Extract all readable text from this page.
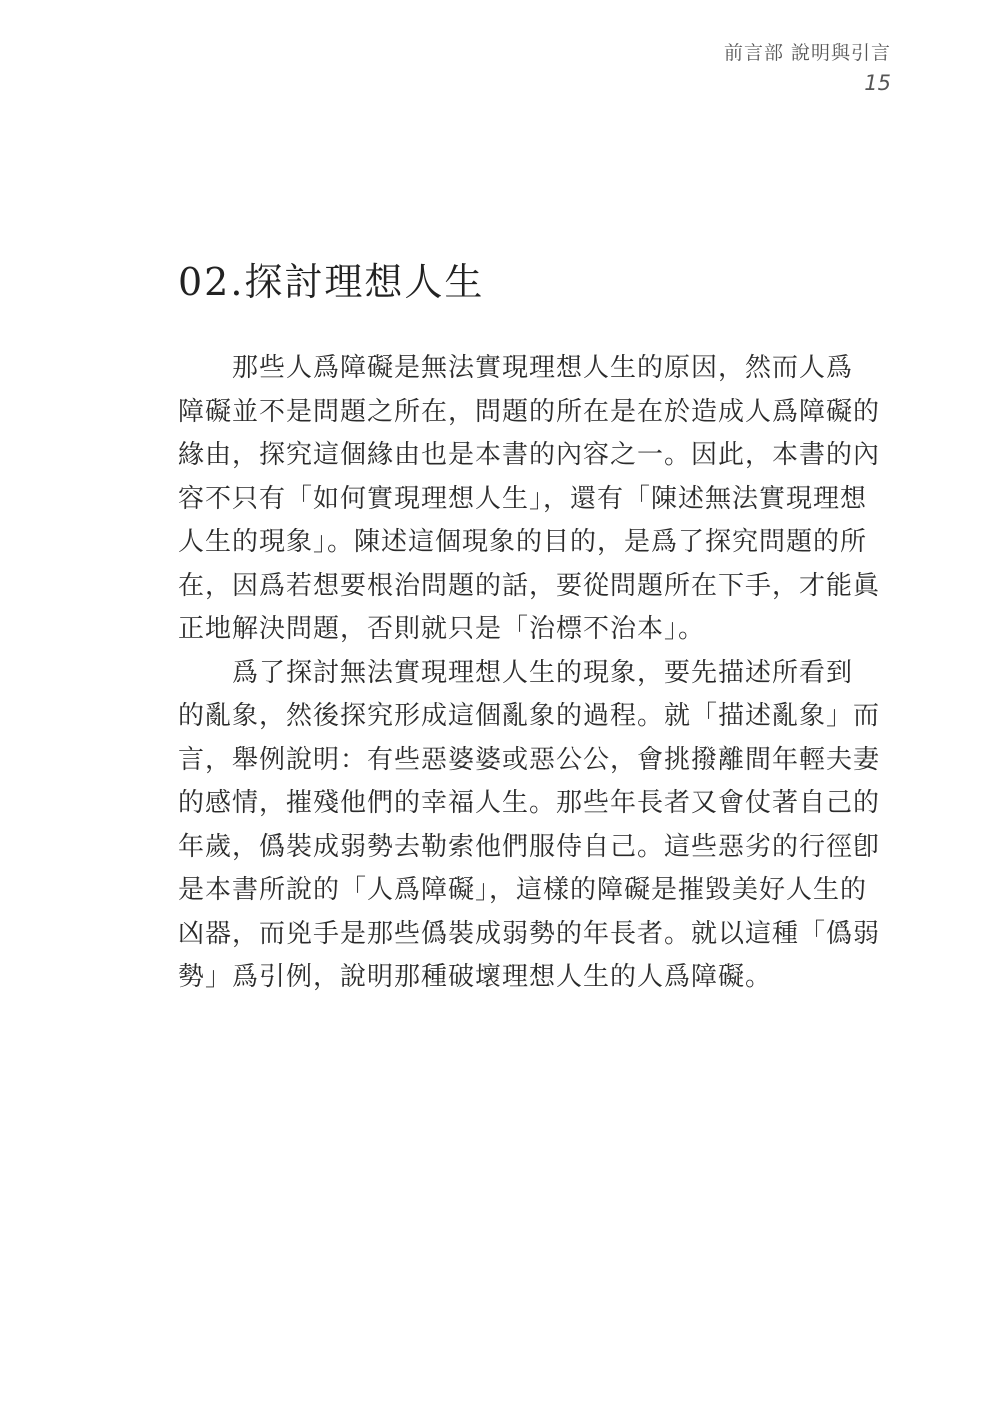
前言部 說明與引言
15
02.探討理想人生
那些人爲障礙是無法實現理想人生的原因，然而人爲
障礙並不是問題之所在，問題的所在是在於造成人爲障礙的
緣由，探究這個緣由也是本書的內容之一。因此，本書的內
容不只有「如何實現理想人生」，還有「陳述無法實現理想
人生的現象」。陳述這個現象的目的，是爲了探究問題的所
在，因爲若想要根治問題的話，要從問題所在下手，才能眞
正地解決問題，否則就只是「治標不治本」。
爲了探討無法實現理想人生的現象，要先描述所看到
的亂象，然後探究形成這個亂象的過程。就「描述亂象」而
言，舉例說明：有些惡婆婆或惡公公，會挑撥離間年輕夫妻
的感情，摧殘他們的幸福人生。那些年長者又會仗著自己的
年歲，僞裝成弱勢去勒索他們服侍自己。這些惡劣的行徑卽
是本書所說的「人爲障礙」，這樣的障礙是摧毀美好人生的
凶器，而兇手是那些僞裝成弱勢的年長者。就以這種「僞弱
勢」爲引例，說明那種破壞理想人生的人爲障礙。
